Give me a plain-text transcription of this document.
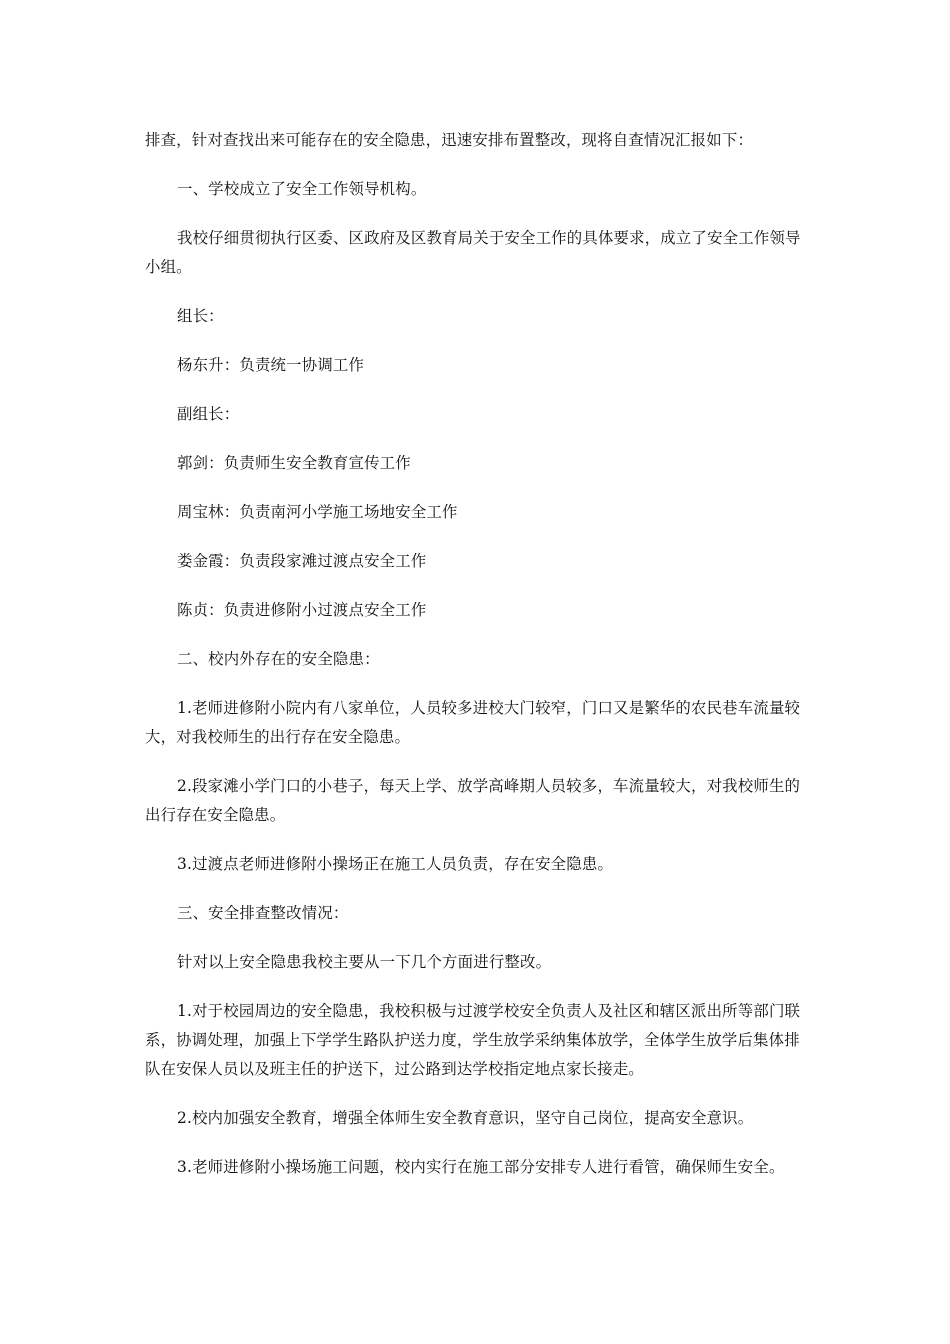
排查，针对查找出来可能存在的安全隐患，迅速安排布置整改，现将自查情况汇报如下：

一、学校成立了安全工作领导机构。

我校仔细贯彻执行区委、区政府及区教育局关于安全工作的具体要求，成立了安全工作领导小组。

组长：

杨东升：负责统一协调工作

副组长：

郭剑：负责师生安全教育宣传工作

周宝林：负责南河小学施工场地安全工作

娄金霞：负责段家滩过渡点安全工作

陈贞：负责进修附小过渡点安全工作

二、校内外存在的安全隐患：

1.老师进修附小院内有八家单位，人员较多进校大门较窄，门口又是繁华的农民巷车流量较大，对我校师生的出行存在安全隐患。

2.段家滩小学门口的小巷子，每天上学、放学高峰期人员较多，车流量较大，对我校师生的出行存在安全隐患。

3.过渡点老师进修附小操场正在施工人员负责，存在安全隐患。

三、安全排查整改情况：

针对以上安全隐患我校主要从一下几个方面进行整改。

1.对于校园周边的安全隐患，我校积极与过渡学校安全负责人及社区和辖区派出所等部门联系，协调处理，加强上下学学生路队护送力度，学生放学采纳集体放学，全体学生放学后集体排队在安保人员以及班主任的护送下，过公路到达学校指定地点家长接走。

2.校内加强安全教育，增强全体师生安全教育意识，坚守自己岗位，提高安全意识。

3.老师进修附小操场施工问题，校内实行在施工部分安排专人进行看管，确保师生安全。
